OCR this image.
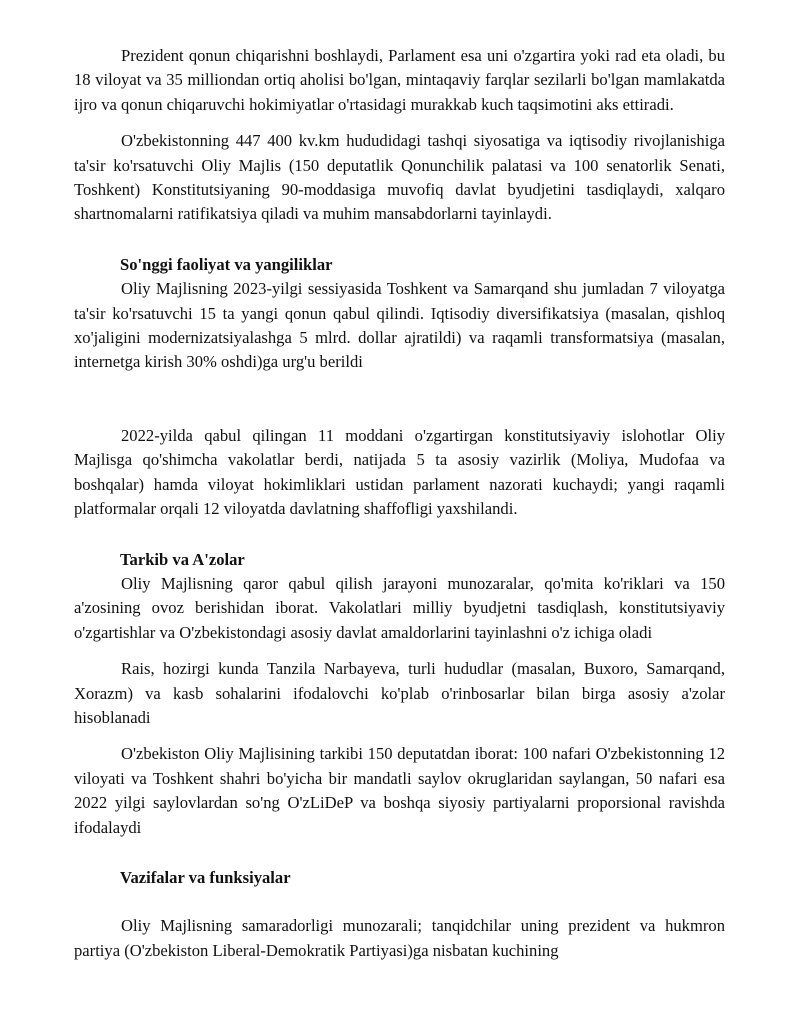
Prezident qonun chiqarishni boshlaydi, Parlament esa uni o'zgartira yoki rad eta oladi, bu 18 viloyat va 35 milliondan ortiq aholisi bo'lgan, mintaqaviy farqlar sezilarli bo'lgan mamlakatda ijro va qonun chiqaruvchi hokimiyatlar o'rtasidagi murakkab kuch taqsimotini aks ettiradi.

O'zbekistonning 447 400 kv.km hududidagi tashqi siyosatiga va iqtisodiy rivojlanishiga ta'sir ko'rsatuvchi Oliy Majlis (150 deputatlik Qonunchilik palatasi va 100 senatorlik Senati, Toshkent) Konstitutsiyaning 90-moddasiga muvofiq davlat byudjetini tasdiqlaydi, xalqaro shartnomalarni ratifikatsiya qiladi va muhim mansabdorlarni tayinlaydi.

So'nggi faoliyat va yangiliklar

Oliy Majlisning 2023-yilgi sessiyasida Toshkent va Samarqand shu jumladan 7 viloyatga ta'sir ko'rsatuvchi 15 ta yangi qonun qabul qilindi. Iqtisodiy diversifikatsiya (masalan, qishloq xo'jaligini modernizatsiyalashga 5 mlrd. dollar ajratildi) va raqamli transformatsiya (masalan, internetga kirish 30% oshdi)ga urg'u berildi

2022-yilda qabul qilingan 11 moddani o'zgartirgan konstitutsiyaviy islohotlar Oliy Majlisga qo'shimcha vakolatlar berdi, natijada 5 ta asosiy vazirlik (Moliya, Mudofaa va boshqalar) hamda viloyat hokimliklari ustidan parlament nazorati kuchaydi; yangi raqamli platformalar orqali 12 viloyatda davlatning shaffofligi yaxshilandi.

Tarkib va A'zolar

Oliy Majlisning qaror qabul qilish jarayoni munozaralar, qo'mita ko'riklari va 150 a'zosining ovoz berishidan iborat. Vakolatlari milliy byudjetni tasdiqlash, konstitutsiyaviy o'zgartishlar va O'zbekistondagi asosiy davlat amaldorlarini tayinlashni o'z ichiga oladi

Rais, hozirgi kunda Tanzila Narbayeva, turli hududlar (masalan, Buxoro, Samarqand, Xorazm) va kasb sohalarini ifodalovchi ko'plab o'rinbosarlar bilan birga asosiy a'zolar hisoblanadi

O'zbekiston Oliy Majlisining tarkibi 150 deputatdan iborat: 100 nafari O'zbekistonning 12 viloyati va Toshkent shahri bo'yicha bir mandatli saylov okruglaridan saylangan, 50 nafari esa 2022 yilgi saylovlardan so'ng O'zLiDeP va boshqa siyosiy partiyalarni proporsional ravishda ifodalaydi

Vazifalar va funksiyalar

Oliy Majlisning samaradorligi munozarali; tanqidchilar uning prezident va hukmron partiya (O'zbekiston Liberal-Demokratik Partiyasi)ga nisbatan kuchining
